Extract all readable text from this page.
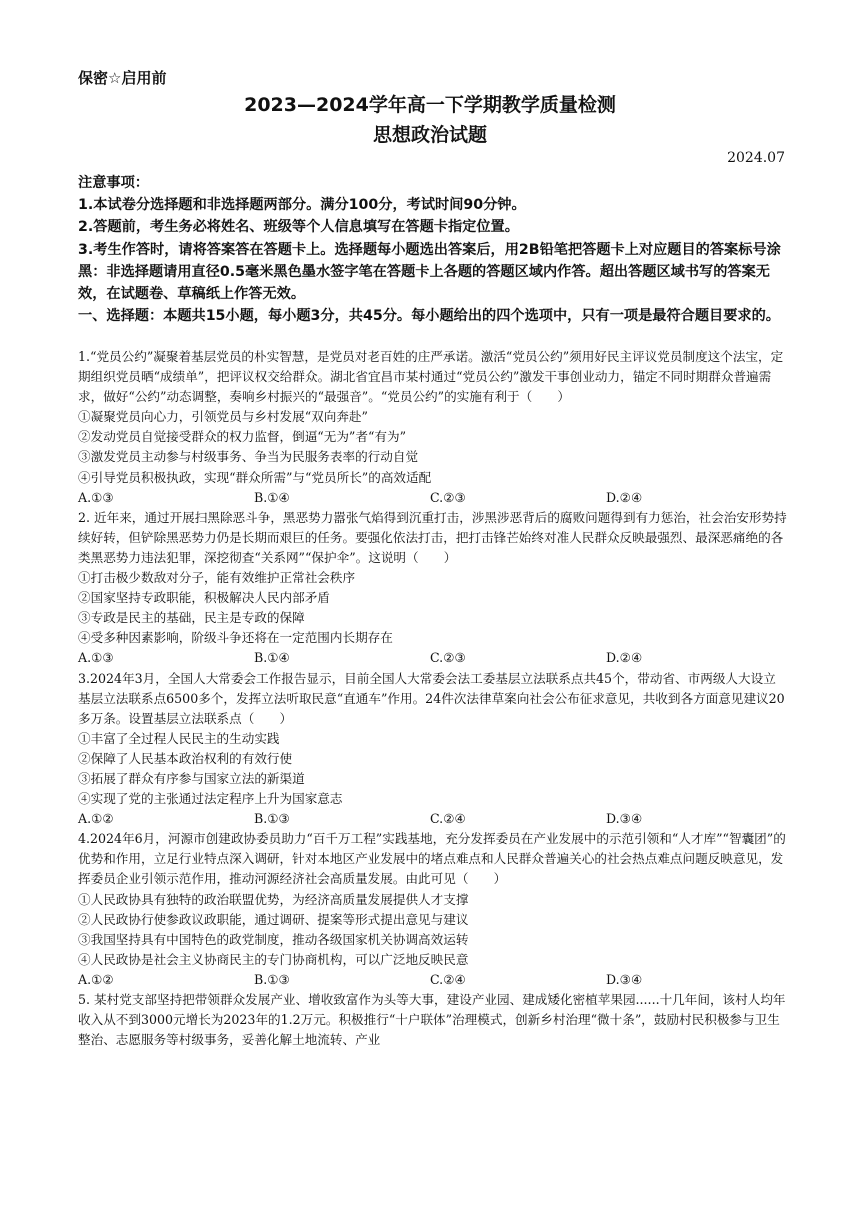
保密☆启用前
2023—2024学年高一下学期教学质量检测
思想政治试题
2024.07
注意事项：
1.本试卷分选择题和非选择题两部分。满分100分，考试时间90分钟。
2.答题前，考生务必将姓名、班级等个人信息填写在答题卡指定位置。
3.考生作答时，请将答案答在答题卡上。选择题每小题选出答案后，用2B铅笔把答题卡上对应题目的答案标号涂黑：非选择题请用直径0.5毫米黑色墨水签字笔在答题卡上各题的答题区域内作答。超出答题区域书写的答案无效，在试题卷、草稿纸上作答无效。
一、选择题：本题共15小题，每小题3分，共45分。每小题给出的四个选项中，只有一项是最符合题目要求的。

1.“党员公约”凝聚着基层党员的朴实智慧，是党员对老百姓的庄严承诺。激活“党员公约”须用好民主评议党员制度这个法宝，定期组织党员晒“成绩单”，把评议权交给群众。湖北省宜昌市某村通过“党员公约”激发干事创业动力，锚定不同时期群众普遍需求，做好“公约”动态调整，奏响乡村振兴的“最强音”。“党员公约”的实施有利于（　　）

①凝聚党员向心力，引领党员与乡村发展“双向奔赴”
②发动党员自觉接受群众的权力监督，倒逼“无为”者“有为”
③激发党员主动参与村级事务、争当为民服务表率的行动自觉
④引导党员积极执政，实现“群众所需”与“党员所长”的高效适配
A.①③	B.①④	C.②③	D.②④

2. 近年来，通过开展扫黑除恶斗争，黑恶势力嚣张气焰得到沉重打击，涉黑涉恶背后的腐败问题得到有力惩治，社会治安形势持续好转，但铲除黑恶势力仍是长期而艰巨的任务。要强化依法打击，把打击锋芒始终对准人民群众反映最强烈、最深恶痛绝的各类黑恶势力违法犯罪，深挖彻查“关系网”“保护伞”。这说明（　　）

①打击极少数敌对分子，能有效维护正常社会秩序
②国家坚持专政职能，积极解决人民内部矛盾
③专政是民主的基础，民主是专政的保障
④受多种因素影响，阶级斗争还将在一定范围内长期存在
A.①③	B.①④	C.②③	D.②④

3.2024年3月，全国人大常委会工作报告显示，目前全国人大常委会法工委基层立法联系点共45个，带动省、市两级人大设立基层立法联系点6500多个，发挥立法听取民意“直通车”作用。24件次法律草案向社会公布征求意见，共收到各方面意见建议20多万条。设置基层立法联系点（　　）

①丰富了全过程人民民主的生动实践
②保障了人民基本政治权利的有效行使
③拓展了群众有序参与国家立法的新渠道
④实现了党的主张通过法定程序上升为国家意志
A.①②	B.①③	C.②④	D.③④

4.2024年6月，河源市创建政协委员助力“百千万工程”实践基地，充分发挥委员在产业发展中的示范引领和“人才库”“智囊团”的优势和作用，立足行业特点深入调研，针对本地区产业发展中的堵点难点和人民群众普遍关心的社会热点难点问题反映意见，发挥委员企业引领示范作用，推动河源经济社会高质量发展。由此可见（　　）

①人民政协具有独特的政治联盟优势，为经济高质量发展提供人才支撑
②人民政协行使参政议政职能，通过调研、提案等形式提出意见与建议
③我国坚持具有中国特色的政党制度，推动各级国家机关协调高效运转
④人民政协是社会主义协商民主的专门协商机构，可以广泛地反映民意
A.①②	B.①③	C.②④	D.③④

5. 某村党支部坚持把带领群众发展产业、增收致富作为头等大事，建设产业园、建成矮化密植苹果园......十几年间，该村人均年收入从不到3000元增长为2023年的1.2万元。积极推行“十户联体”治理模式，创新乡村治理“微十条”，鼓励村民积极参与卫生整治、志愿服务等村级事务，妥善化解土地流转、产业
